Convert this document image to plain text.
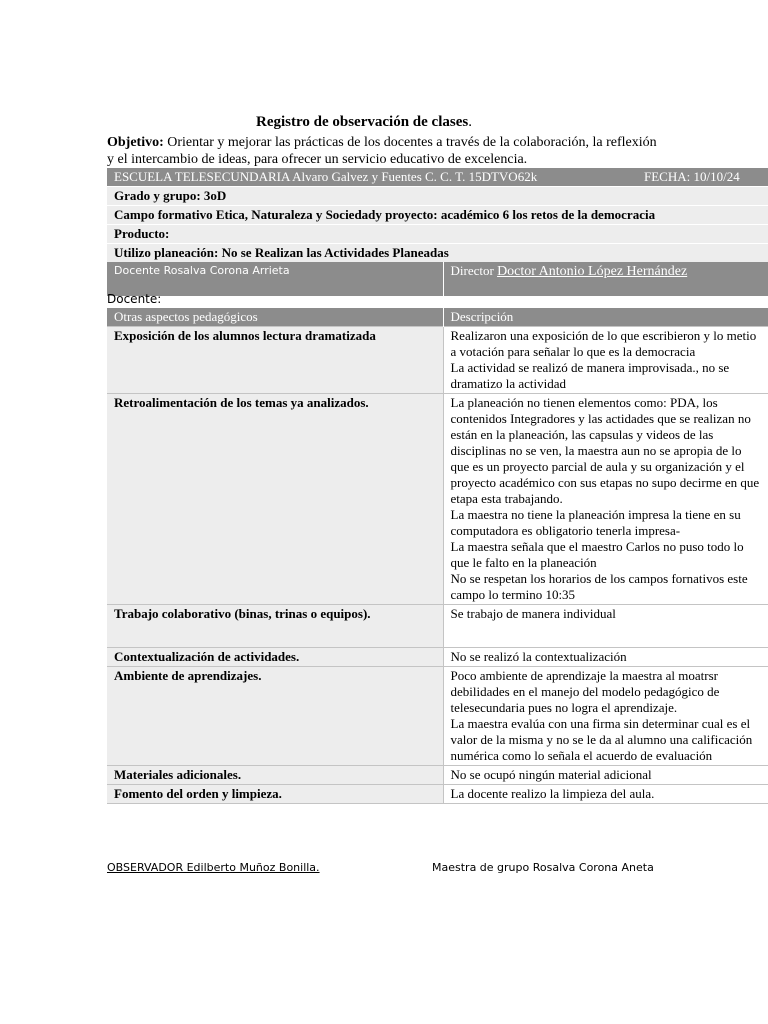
Registro de observación de clases.
Objetivo: Orientar y mejorar las prácticas de los docentes a través de la colaboración, la reflexión y el intercambio de ideas, para ofrecer un servicio educativo de excelencia.
ESCUELA TELESECUNDARIA Alvaro Galvez y Fuentes C. C. T. 15DTVO62k		FECHA: 10/10/24
Grado y grupo: 3oD		
Campo formativo Etica, Naturaleza y Sociedady proyecto: académico 6 los retos de la democracia		
Producto:		
Utilizo planeación: No se Realizan las Actividades Planeadas		
Docente Rosalva Corona Arrieta	Director Doctor Antonio López Hernández	
Docente:
Otras aspectos pedagógicos	Descripción
Exposición de los alumnos lectura dramatizada	Realizaron una exposición de lo que escribieron y lo metio a votación para señalar lo que es la democracia
La actividad se realizó de manera improvisada., no se dramatizo la actividad

Retroalimentación de los temas ya analizados.	La planeación no tienen elementos como: PDA, los contenidos Integradores y las actidades que se realizan no están en la planeación, las capsulas y videos de las disciplinas no se ven, la maestra aun no se apropia de lo que es un proyecto parcial de aula y su organización y el proyecto académico con sus etapas no supo decirme en que etapa esta trabajando.
La maestra no tiene la planeación impresa la tiene en su computadora es obligatorio tenerla impresa-
La maestra señala que el maestro Carlos no puso todo lo que le falto en la planeación
No se respetan los horarios de los campos fornativos este campo lo termino 10:35

Trabajo colaborativo (binas, trinas o equipos).	Se trabajo de manera individual

Contextualización de actividades.	No se realizó la contextualización

Ambiente de aprendizajes.	Poco ambiente de aprendizaje la maestra al moatrsr debilidades en el manejo del modelo pedagógico de telesecundaria pues no logra el aprendizaje.
La maestra evalúa con una firma sin determinar cual es el valor de la misma y no se le da al alumno una calificación numérica como lo señala el acuerdo de evaluación

Materiales adicionales.	No se ocupó ningún material adicional

Fomento del orden y limpieza.	La docente realizo la limpieza del aula.
OBSERVADOR Edilberto Muñoz Bonilla.	Maestra de grupo Rosalva Corona Aneta
